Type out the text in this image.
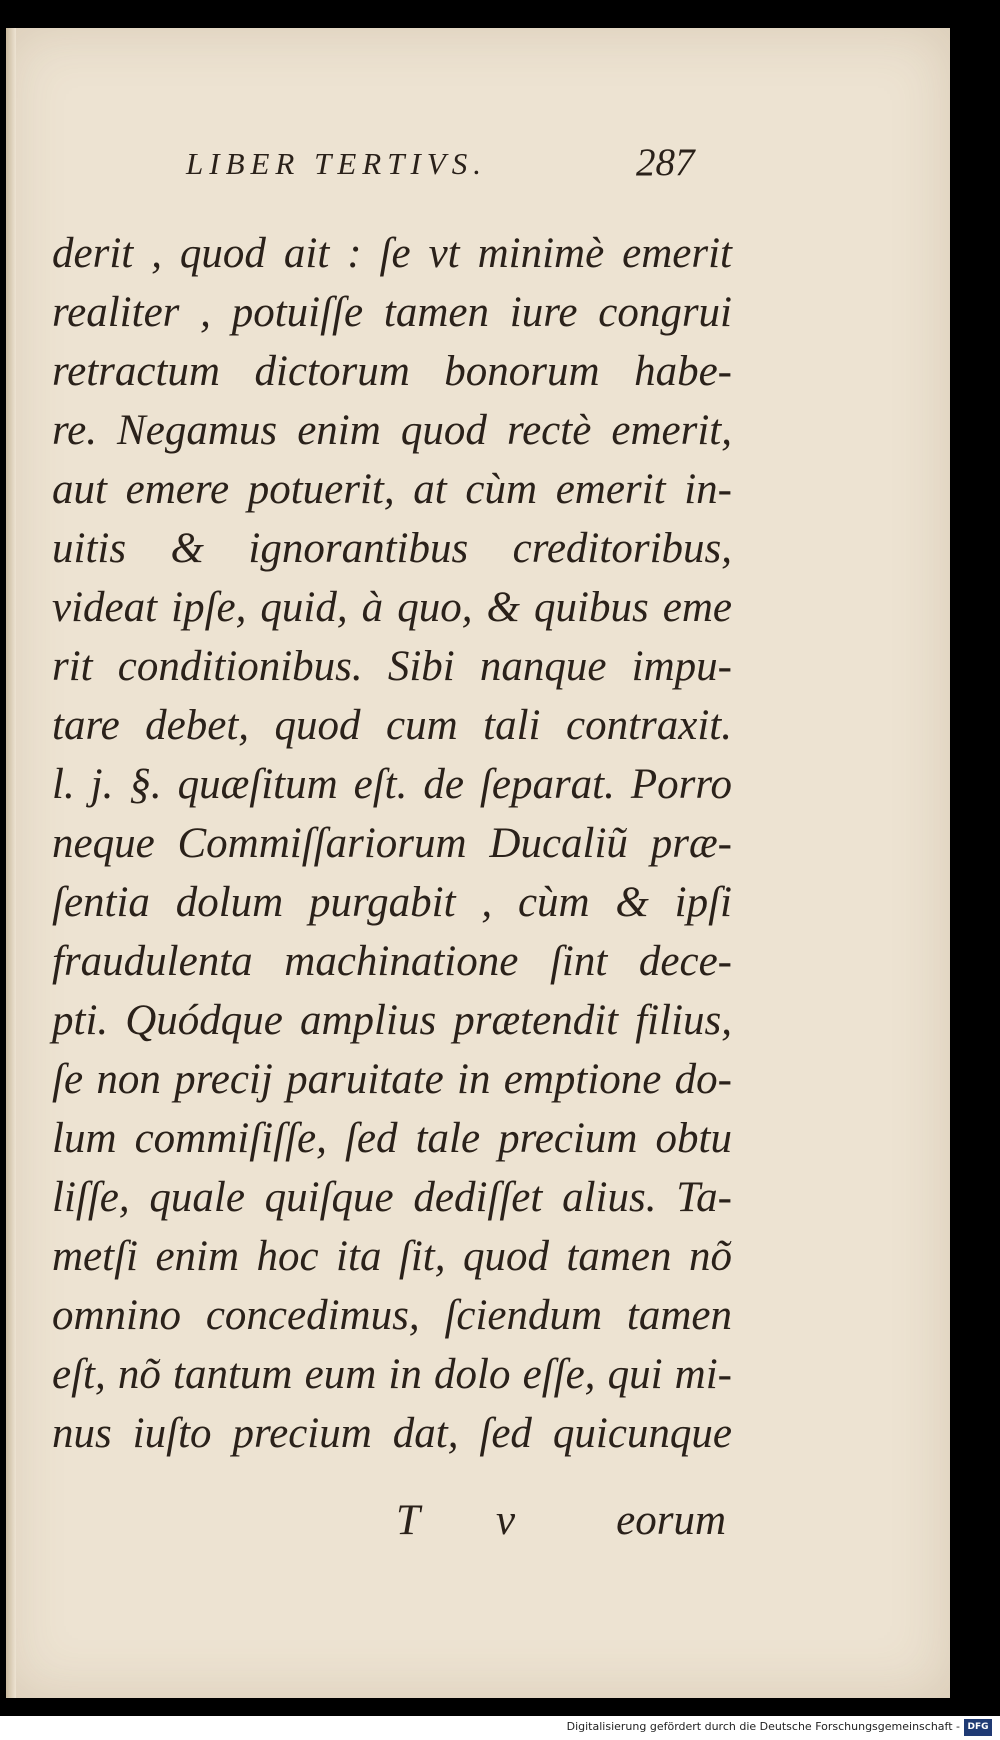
LIBER TERTIVS.	287
derit , quod ait : ſe vt minimè emerit
realiter , potuiſſe tamen iure congrui
retractum dictorum bonorum habe-
re. Negamus enim quod rectè emerit,
aut emere potuerit, at cùm emerit in-
uitis & ignorantibus creditoribus,
videat ipſe, quid, à quo, & quibus eme
rit conditionibus. Sibi nanque impu-
tare debet, quod cum tali contraxit.
l. j. §. quæſitum eſt. de ſeparat. Porro
neque Commiſſariorum Ducaliũ præ-
ſentia dolum purgabit , cùm & ipſi
fraudulenta machinatione ſint dece-
pti. Quódque amplius prætendit filius,
ſe non precij paruitate in emptione do-
lum commiſiſſe, ſed tale precium obtu
liſſe, quale quiſque dediſſet alius. Ta-
metſi enim hoc ita ſit, quod tamen nõ
omnino concedimus, ſciendum tamen
eſt, nõ tantum eum in dolo eſſe, qui mi-
nus iuſto precium dat, ſed quicunque
T v eorum
Digitalisierung gefördert durch die Deutsche Forschungsgemeinschaft - DFG
